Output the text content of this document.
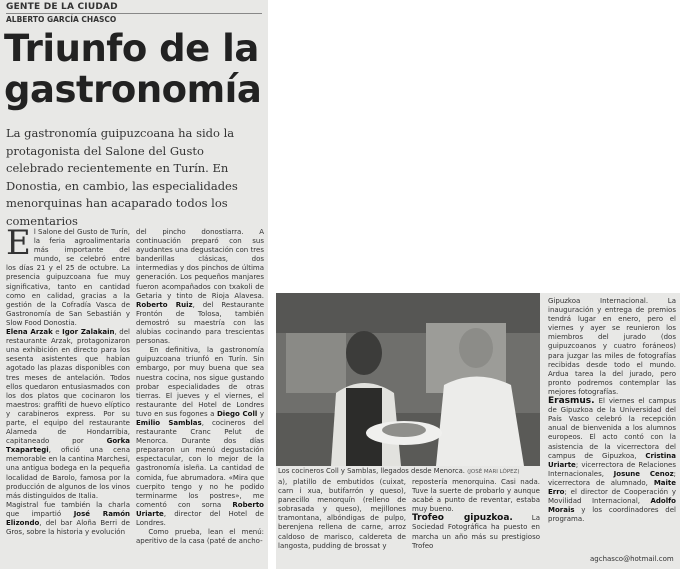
GENTE DE LA CIUDAD
ALBERTO GARCÍA CHASCO
Triunfo de la gastronomía
La gastronomía guipuzcoana ha sido la protagonista del Salone del Gusto celebrado recientemente en Turín. En Donostia, en cambio, las especialidades menorquinas han acaparado todos los comentarios
El Salone del Gusto de Turín, la feria agroalimentaria más importante del mundo, se celebró entre los días 21 y el 25 de octubre. La presencia guipuzcoana fue muy significativa, tanto en cantidad como en calidad, gracias a la gestión de la Cofradía Vasca de Gastronomía de San Sebastián y Slow Food Donostia.
Elena Arzak e Igor Zalakain, del restaurante Arzak, protagonizaron una exhibición en directo para los sesenta asistentes que habían agotado las plazas disponibles con tres meses de antelación. Todos ellos quedaron entusiasmados con los dos platos que cocinaron los maestros: graffiti de huevo elíptico y carabineros express. Por su parte, el equipo del restaurante Alameda de Hondarribia, capitaneado por Gorka Txapartegi, ofició una cena memorable en la cantina Marchesi, una antigua bodega en la pequeña localidad de Barolo, famosa por la producción de algunos de los vinos más distinguidos de Italia.
Magistral fue también la charla que impartió José Ramón Elizondo, del bar Aloña Berri de Gros, sobre la historia y evolución
del pincho donostiarra. A continuación preparó con sus ayudantes una degustación con tres banderillas clásicas, dos intermedias y dos pinchos de última generación. Los pequeños manjares fueron acompañados con txakoli de Getaria y tinto de Rioja Alavesa. Roberto Ruiz, del Restaurante Frontón de Tolosa, también demostró su maestría con las alubias cocinando para trescientas personas.
En definitiva, la gastronomía guipuzcoana triunfó en Turín. Sin embargo, por muy buena que sea nuestra cocina, nos sigue gustando probar especialidades de otras tierras. El jueves y el viernes, el restaurante del Hotel de Londres tuvo en sus fogones a Diego Coll y Emilio Samblas, cocineros del restaurante Cranc Pelut de Menorca. Durante dos días prepararon un menú degustación espectacular, con lo mejor de la gastronomía isleña. La cantidad de comida, fue abrumadora. «Mira que cuerpito tengo y no he podido terminarme los postres», me comentó con sorna Roberto Uriarte, director del Hotel de Londres.
Como prueba, lean el menú: aperitivo de la casa (paté de ancho-
Los cocineros Coll y Samblas, llegados desde Menorca. (JOSÉ MARI LÓPEZ)
a), platillo de embutidos (cuixat, carn i xua, butifarrón y queso), panecillo menorquín (relleno de sobrasada y queso), mejillones tramontana, albóndigas de pulpo, berenjena rellena de carne, arroz caldoso de marisco, caldereta de langosta, pudding de brossat y
repostería menorquina. Casi nada. Tuve la suerte de probarlo y aunque acabé a punto de reventar, estaba muy bueno.
Trofeo gipuzkoa. La Sociedad Fotográfica ha puesto en marcha un año más su prestigioso Trofeo
Gipuzkoa Internacional. La inauguración y entrega de premios tendrá lugar en enero, pero el viernes y ayer se reunieron los miembros del jurado (dos guipuzcoanos y cuatro foráneos) para juzgar las miles de fotografías recibidas desde todo el mundo. Ardua tarea la del jurado, pero pronto podremos contemplar las mejores fotografías.
Erasmus. El viernes el campus de Gipuzkoa de la Universidad del País Vasco celebró la recepción anual de bienvenida a los alumnos europeos. El acto contó con la asistencia de la vicerrectora del campus de Gipuzkoa, Cristina Uriarte; vicerrectora de Relaciones Internacionales, Josune Cenoz; vicerrectora de alumnado, Maite Erro; el director de Cooperación y Movilidad Internacional, Adolfo Morais y los coordinadores del programa.
agchasco@hotmail.com
